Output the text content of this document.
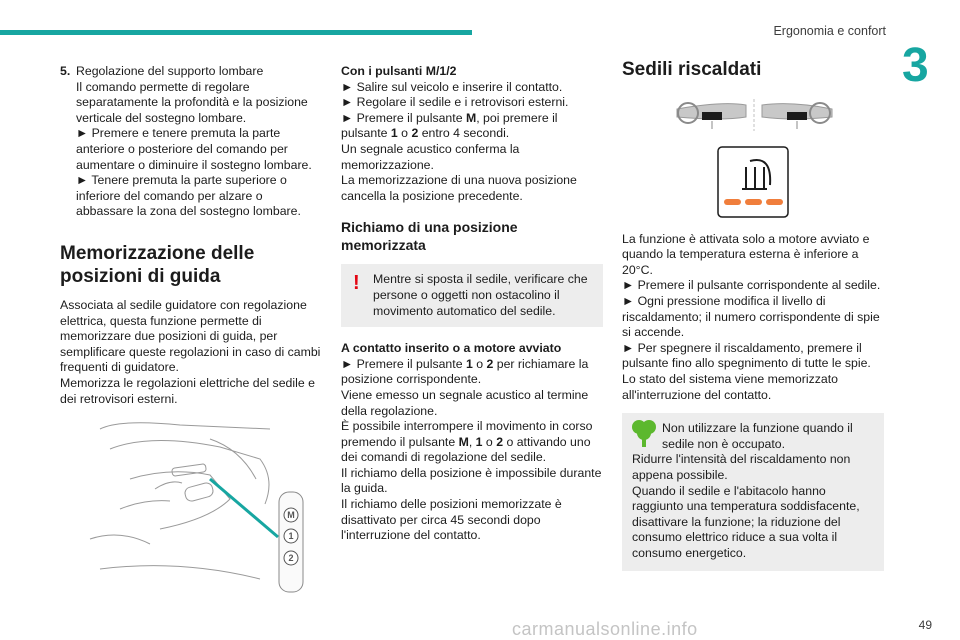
Ergonomia e confort
3
5. Regolazione del supporto lombare

Il comando permette di regolare separatamente la profondità e la posizione verticale del sostegno lombare.

► Premere e tenere premuta la parte anteriore o posteriore del comando per aumentare o diminuire il sostegno lombare.

► Tenere premuta la parte superiore o inferiore del comando per alzare o abbassare la zona del sostegno lombare.

Memorizzazione delle posizioni di guida

Associata al sedile guidatore con regolazione elettrica, questa funzione permette di memorizzare due posizioni di guida, per semplificare queste regolazioni in caso di cambi frequenti di guidatore.

Memorizza le regolazioni elettriche del sedile e dei retrovisori esterni.

M
1
2

Con i pulsanti M/1/2

► Salire sul veicolo e inserire il contatto.

► Regolare il sedile e i retrovisori esterni.

► Premere il pulsante M, poi premere il pulsante 1 o 2 entro 4 secondi.

Un segnale acustico conferma la memorizzazione.

La memorizzazione di una nuova posizione cancella la posizione precedente.

Richiamo di una posizione memorizzata
!	Mentre si sposta il sedile, verificare che persone o oggetti non ostacolino il movimento automatico del sedile.

A contatto inserito o a motore avviato

► Premere il pulsante 1 o 2 per richiamare la posizione corrispondente.

Viene emesso un segnale acustico al termine della regolazione.

È possibile interrompere il movimento in corso premendo il pulsante M, 1 o 2 o attivando uno dei comandi di regolazione del sedile.

Il richiamo della posizione è impossibile durante la guida.

Il richiamo delle posizioni memorizzate è disattivato per circa 45 secondi dopo l'interruzione del contatto.

Sedili riscaldati

La funzione è attivata solo a motore avviato e quando la temperatura esterna è inferiore a 20°C.

► Premere il pulsante corrispondente al sedile.

► Ogni pressione modifica il livello di riscaldamento; il numero corrispondente di spie si accende.

► Per spegnere il riscaldamento, premere il pulsante fino allo spegnimento di tutte le spie.

Lo stato del sistema viene memorizzato all'interruzione del contatto.

Non utilizzare la funzione quando il sedile non è occupato.

Ridurre l'intensità del riscaldamento non appena possibile.

Quando il sedile e l'abitacolo hanno raggiunto una temperatura soddisfacente, disattivare la funzione; la riduzione del consumo elettrico riduce a sua volta il consumo energetico.

carmanualsonline.info	49
